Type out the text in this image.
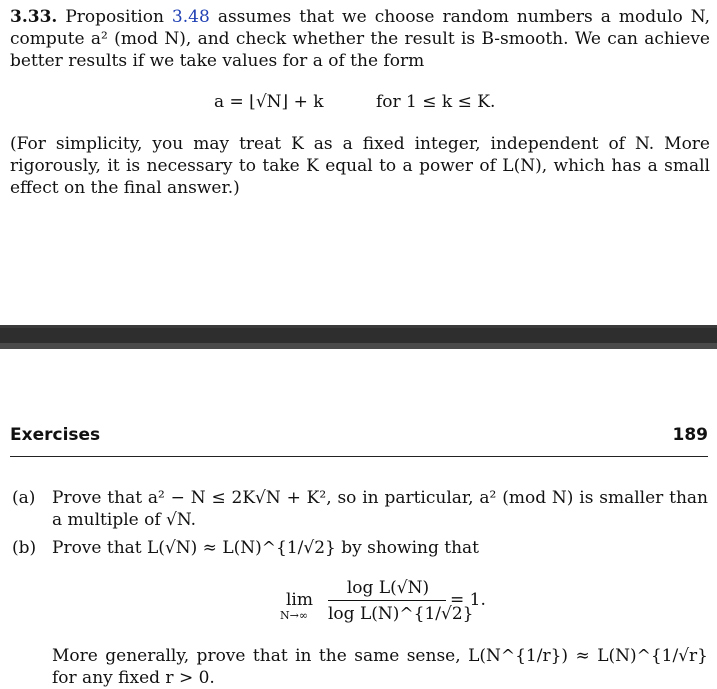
3.33. Proposition 3.48 assumes that we choose random numbers a modulo N, compute a² (mod N), and check whether the result is B-smooth. We can achieve better results if we take values for a of the form

a = ⌊√N⌋ + k	for 1 ≤ k ≤ K.

(For simplicity, you may treat K as a fixed integer, independent of N. More rigorously, it is necessary to take K equal to a power of L(N), which has a small effect on the final answer.)

Exercises	189
(a) Prove that a² − N ≤ 2K√N + K², so in particular, a² (mod N) is smaller than a multiple of √N.
(b) Prove that L(√N) ≈ L(N)^{1/√2} by showing that
lim
N→∞
log L(√N)
log L(N)^{1/√2}
= 1.
More generally, prove that in the same sense, L(N^{1/r}) ≈ L(N)^{1/√r} for any fixed r > 0.
